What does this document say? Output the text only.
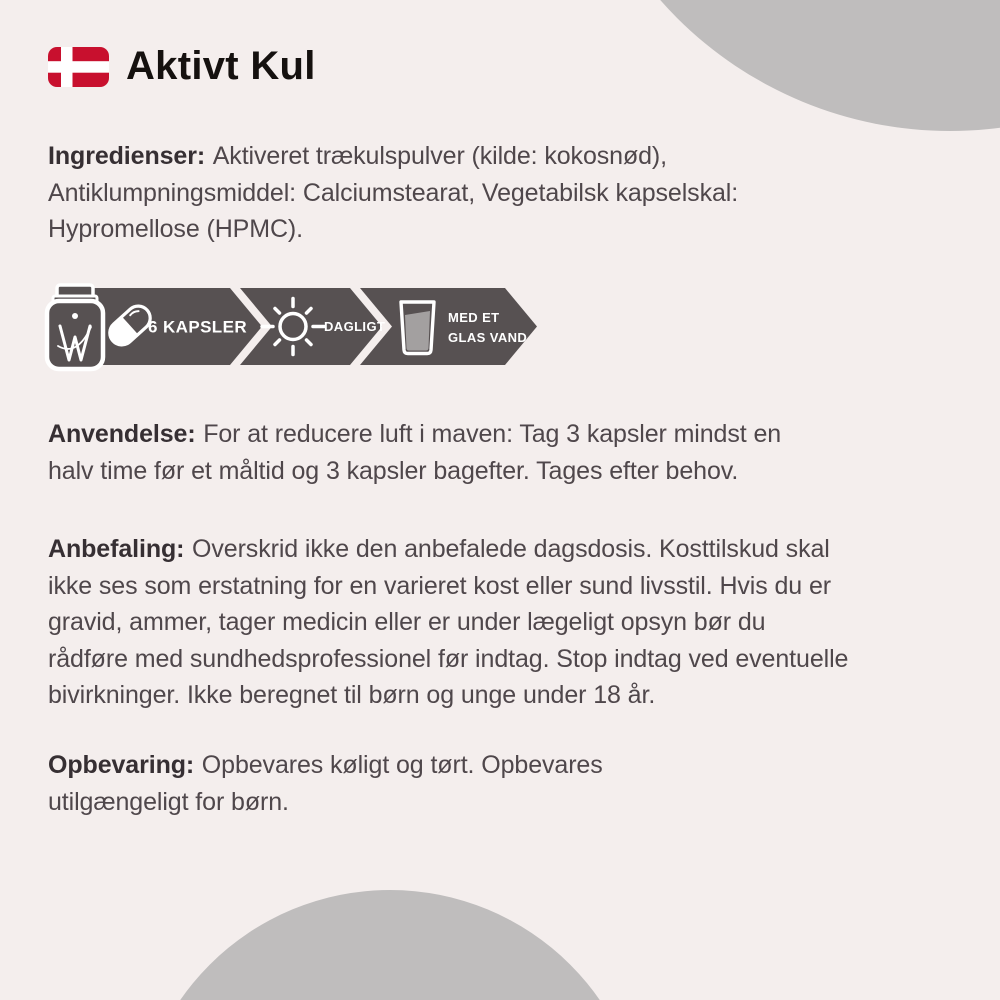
Aktivt Kul
Ingredienser: Aktiveret trækulspulver (kilde: kokosnød),
Antiklumpningsmiddel: Calciumstearat, Vegetabilsk kapselskal:
Hypromellose (HPMC).
6 KAPSLER	DAGLIGT
MED ET
GLAS VAND
Anvendelse: For at reducere luft i maven: Tag 3 kapsler mindst en
halv time før et måltid og 3 kapsler bagefter. Tages efter behov.
Anbefaling: Overskrid ikke den anbefalede dagsdosis. Kosttilskud skal
ikke ses som erstatning for en varieret kost eller sund livsstil. Hvis du er
gravid, ammer, tager medicin eller er under lægeligt opsyn bør du
rådføre med sundhedsprofessionel før indtag. Stop indtag ved eventuelle
bivirkninger. Ikke beregnet til børn og unge under 18 år.
Opbevaring: Opbevares køligt og tørt. Opbevares
utilgængeligt for børn.
